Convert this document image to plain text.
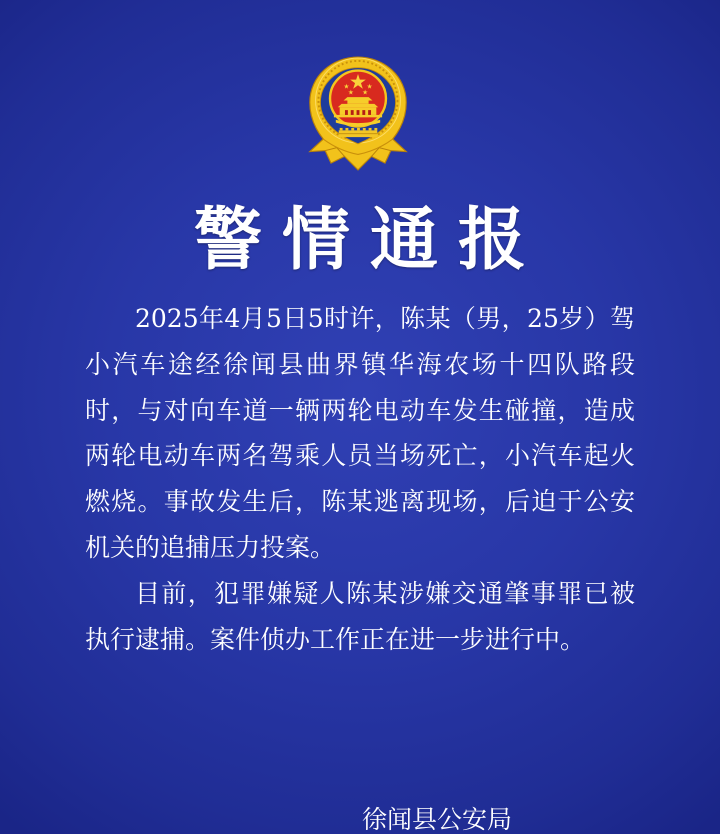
警情通报
2025年4月5日5时许，陈某（男，25岁）驾
小汽车途经徐闻县曲界镇华海农场十四队路段
时，与对向车道一辆两轮电动车发生碰撞，造成
两轮电动车两名驾乘人员当场死亡，小汽车起火
燃烧。事故发生后，陈某逃离现场，后迫于公安
机关的追捕压力投案。
目前，犯罪嫌疑人陈某涉嫌交通肇事罪已被
执行逮捕。案件侦办工作正在进一步进行中。
徐闻县公安局
